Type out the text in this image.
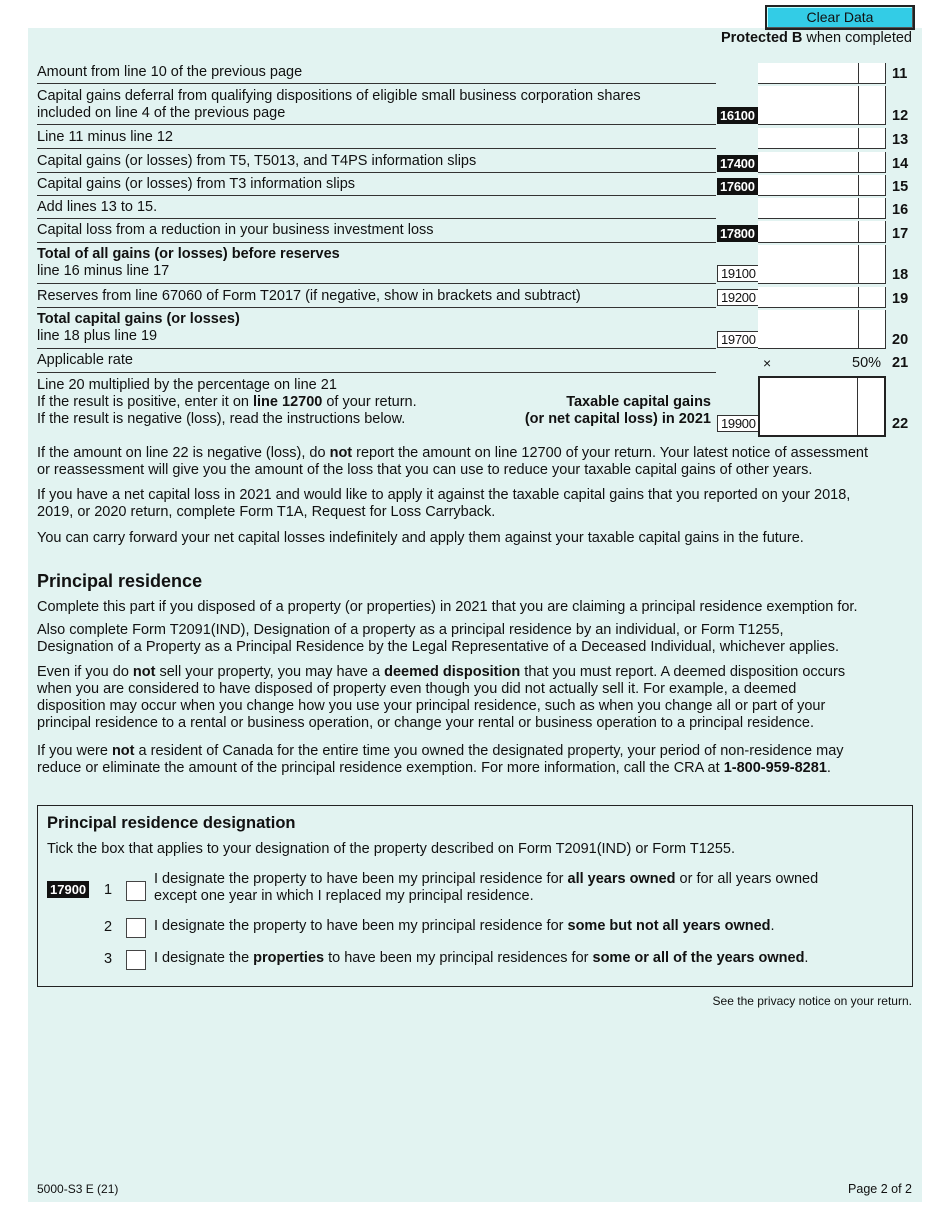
Clear Data
Protected B when completed
Amount from line 10 of the previous page	11
Capital gains deferral from qualifying dispositions of eligible small business corporation shares
included on line 4 of the previous page	16100	12
Line 11 minus line 12	13
Capital gains (or losses) from T5, T5013, and T4PS information slips	17400	14
Capital gains (or losses) from T3 information slips	17600	15
Add lines 13 to 15.	16
Capital loss from a reduction in your business investment loss	17800	17
Total of all gains (or losses) before reserves
line 16 minus line 17	19100	18
Reserves from line 67060 of Form T2017 (if negative, show in brackets and subtract)	19200	19
Total capital gains (or losses)
line 18 plus line 19	19700	20
Applicable rate	×	50% 21
Line 20 multiplied by the percentage on line 21
If the result is positive, enter it on line 12700 of your return.
If the result is negative (loss), read the instructions below.
Taxable capital gains
(or net capital loss) in 2021 19900	22
If the amount on line 22 is negative (loss), do not report the amount on line 12700 of your return. Your latest notice of assessment
or reassessment will give you the amount of the loss that you can use to reduce your taxable capital gains of other years.
If you have a net capital loss in 2021 and would like to apply it against the taxable capital gains that you reported on your 2018,
2019, or 2020 return, complete Form T1A, Request for Loss Carryback.
You can carry forward your net capital losses indefinitely and apply them against your taxable capital gains in the future.
Principal residence
Complete this part if you disposed of a property (or properties) in 2021 that you are claiming a principal residence exemption for.
Also complete Form T2091(IND), Designation of a property as a principal residence by an individual, or Form T1255,
Designation of a Property as a Principal Residence by the Legal Representative of a Deceased Individual, whichever applies.
Even if you do not sell your property, you may have a deemed disposition that you must report. A deemed disposition occurs
when you are considered to have disposed of property even though you did not actually sell it. For example, a deemed
disposition may occur when you change how you use your principal residence, such as when you change all or part of your
principal residence to a rental or business operation, or change your rental or business operation to a principal residence.
If you were not a resident of Canada for the entire time you owned the designated property, your period of non-residence may
reduce or eliminate the amount of the principal residence exemption. For more information, call the CRA at 1-800-959-8281.
Principal residence designation
Tick the box that applies to your designation of the property described on Form T2091(IND) or Form T1255.
17900 1
I designate the property to have been my principal residence for all years owned or for all years owned
except one year in which I replaced my principal residence.
2	I designate the property to have been my principal residence for some but not all years owned.
3	I designate the properties to have been my principal residences for some or all of the years owned.
See the privacy notice on your return.
5000-S3 E (21)	Page 2 of 2
